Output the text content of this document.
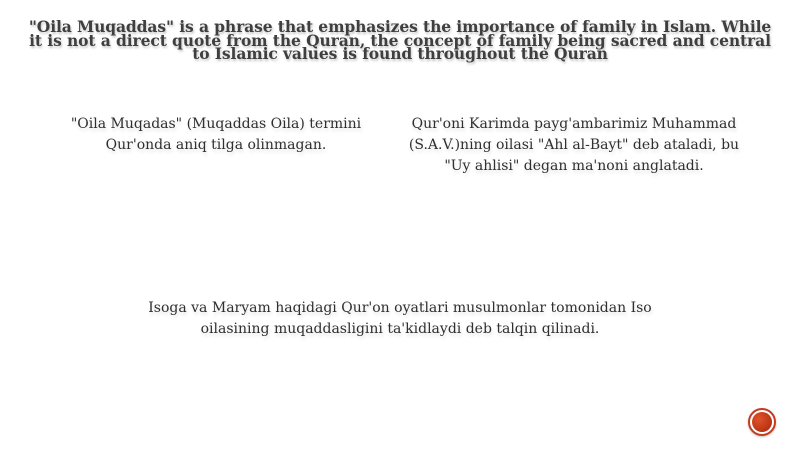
"Oila Muqaddas" is a phrase that emphasizes the importance of family in Islam. While it is not a direct quote from the Quran, the concept of family being sacred and central to Islamic values is found throughout the Quran
"Oila Muqadas" (Muqaddas Oila) termini Qur'onda aniq tilga olinmagan.
Qur'oni Karimda payg'ambarimiz Muhammad (S.A.V.)ning oilasi "Ahl al-Bayt" deb ataladi, bu "Uy ahlisi" degan ma'noni anglatadi.
Isoga va Maryam haqidagi Qur'on oyatlari musulmonlar tomonidan Iso oilasining muqaddasligini ta'kidlaydi deb talqin qilinadi.
